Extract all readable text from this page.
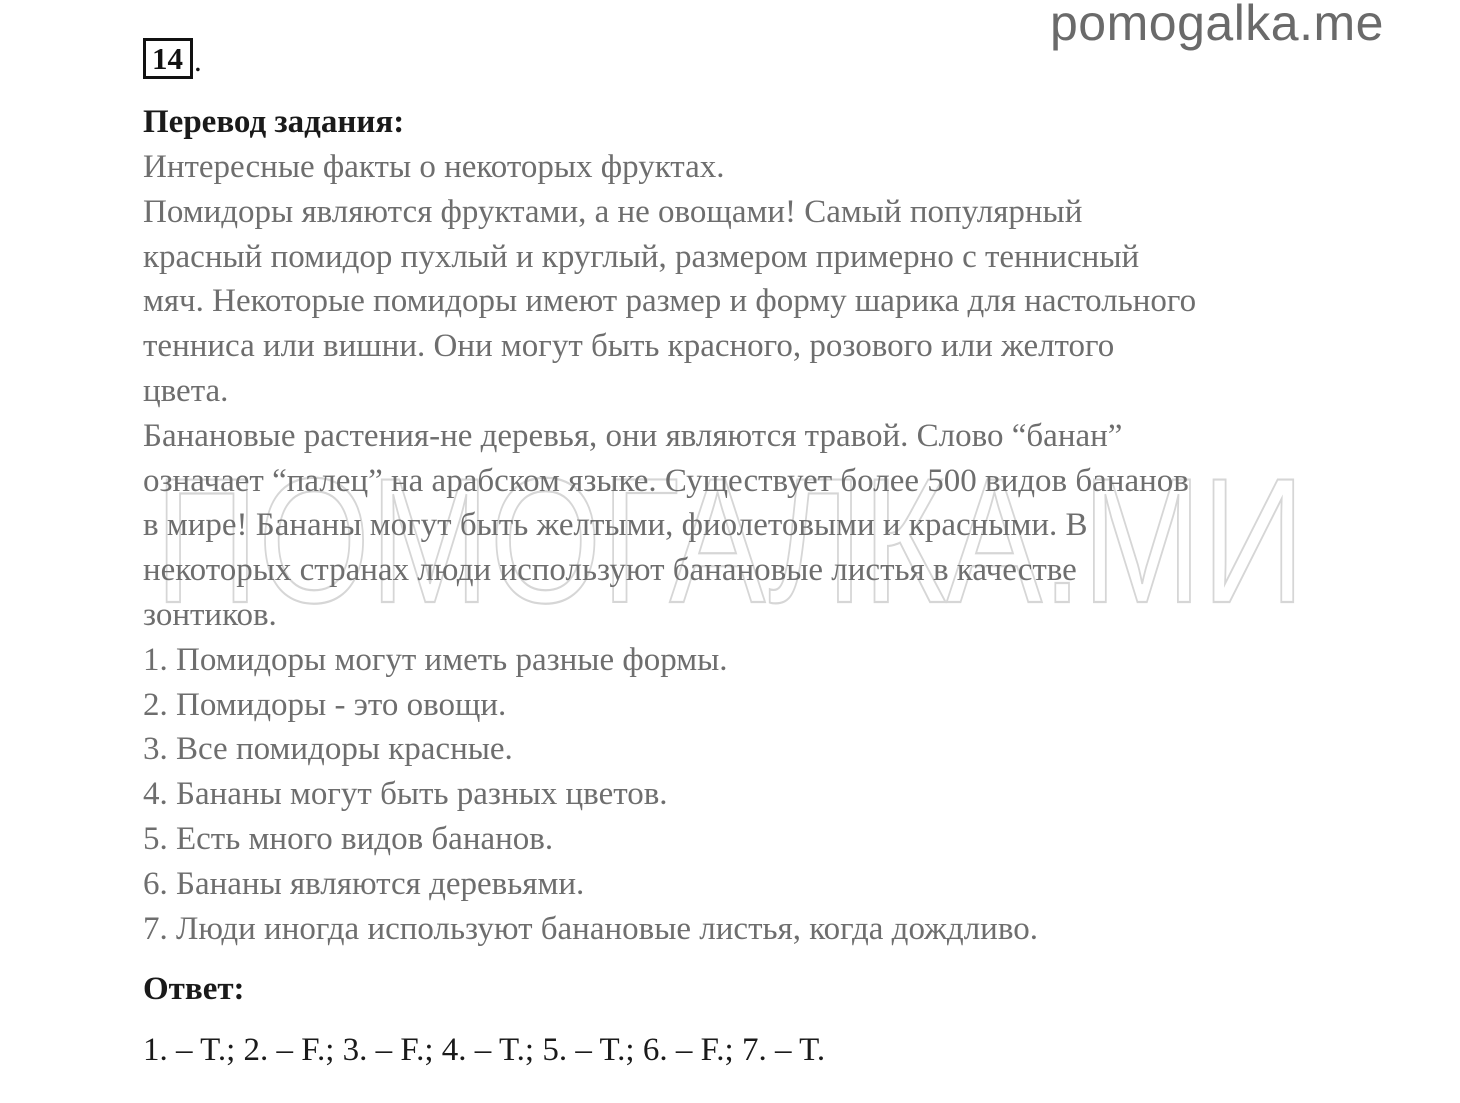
pomogalka.me
14 .
ПОМОГАЛКА.МИ
Перевод задания:
Интересные факты о некоторых фруктах.
Помидоры являются фруктами, а не овощами! Самый популярный
красный помидор пухлый и круглый, размером примерно с теннисный
мяч. Некоторые помидоры имеют размер и форму шарика для настольного
тенниса или вишни. Они могут быть красного, розового или желтого
цвета.
Банановые растения-не деревья, они являются травой. Слово “банан”
означает “палец” на арабском языке. Существует более 500 видов бананов
в мире! Бананы могут быть желтыми, фиолетовыми и красными. В
некоторых странах люди используют банановые листья в качестве
зонтиков.
1. Помидоры могут иметь разные формы.
2. Помидоры - это овощи.
3. Все помидоры красные.
4. Бананы могут быть разных цветов.
5. Есть много видов бананов.
6. Бананы являются деревьями.
7. Люди иногда используют банановые листья, когда дождливо.
Ответ:
1. – T.; 2. – F.; 3. – F.; 4. – T.; 5. – T.; 6. – F.; 7. – T.
